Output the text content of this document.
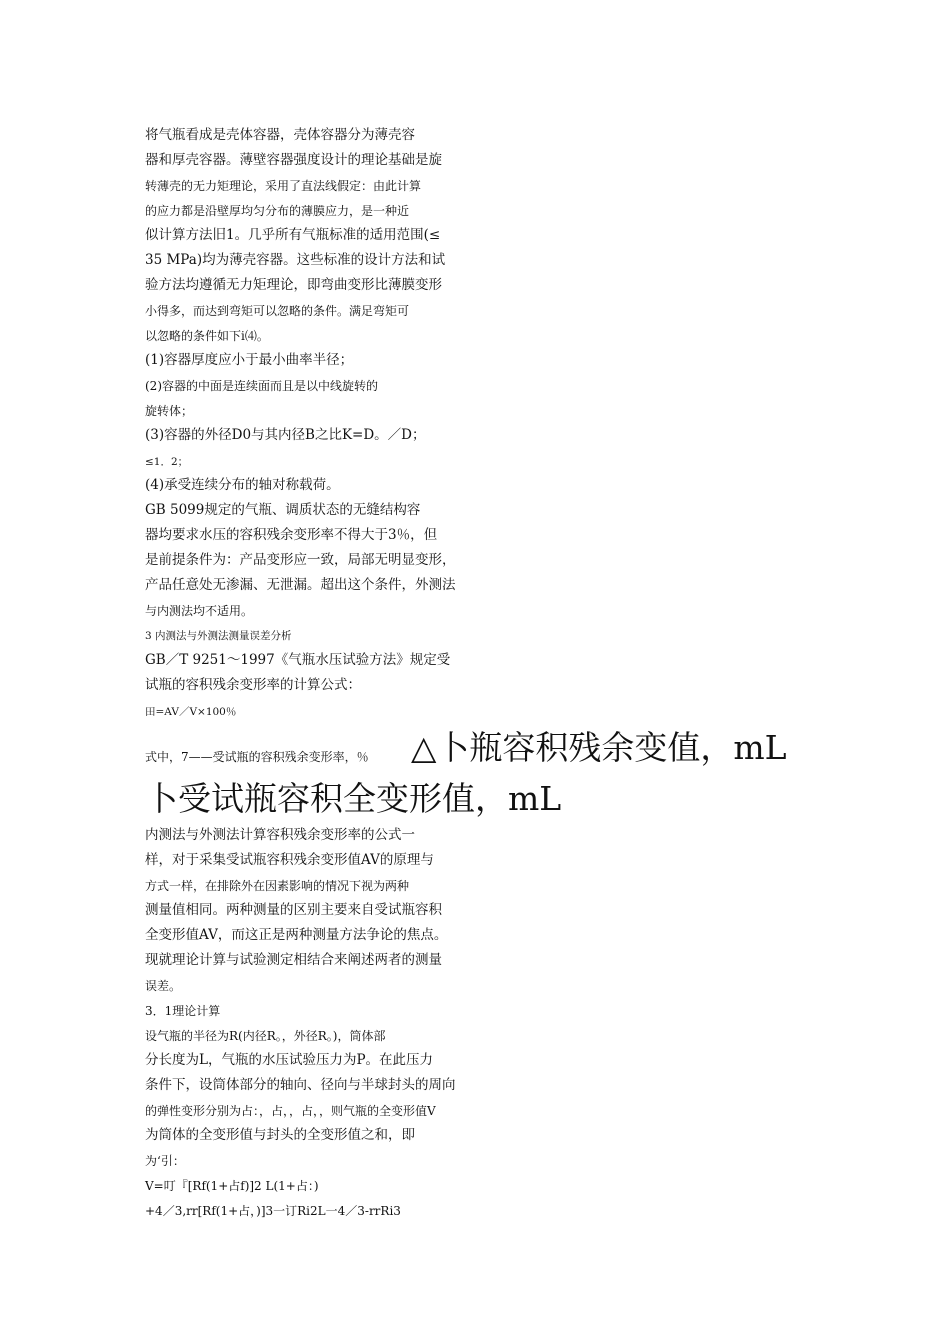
将气瓶看成是壳体容器，壳体容器分为薄壳容
器和厚壳容器。薄壁容器强度设计的理论基础是旋
转薄壳的无力矩理论，采用了直法线假定：由此计算
的应力都是沿壁厚均匀分布的薄膜应力，是一种近
似计算方法旧1。几乎所有气瓶标准的适用范围(≤
35 MPa)均为薄壳容器。这些标准的设计方法和试
验方法均遵循无力矩理论，即弯曲变形比薄膜变形
小得多，而达到弯矩可以忽略的条件。满足弯矩可
以忽略的条件如下i⑷。
(1)容器厚度应小于最小曲率半径；
(2)容器的中面是连续面而且是以中线旋转的
旋转体；
(3)容器的外径D0与其内径B之比K=D。／D；
≤1．2；
(4)承受连续分布的轴对称载荷。
GB 5099规定的气瓶、调质状态的无缝结构容
器均要求水压的容积残余变形率不得大于3％，但
是前提条件为：产品变形应一致，局部无明显变形，
产品任意处无渗漏、无泄漏。超出这个条件，外测法
与内测法均不适用。
3 内测法与外测法测量误差分析
GB／T 9251～1997《气瓶水压试验方法》规定受
试瓶的容积残余变形率的计算公式：
田=AV／V×100％
式中，7——受试瓶的容积残余变形率，％ △卜瓶容积残余变值，mL
卜受试瓶容积全变形值，mL
内测法与外测法计算容积残余变形率的公式一
样，对于采集受试瓶容积残余变形值AV的原理与
方式一样，在排除外在因素影响的情况下视为两种
测量值相同。两种测量的区别主要来自受试瓶容积
全变形值AV，而这正是两种测量方法争论的焦点。
现就理论计算与试验测定相结合来阐述两者的测量
误差。
3．1理论计算
设气瓶的半径为R(内径R。，外径R。)，筒体部
分长度为L，气瓶的水压试验压力为P。在此压力
条件下，设筒体部分的轴向、径向与半球封头的周向
的弹性变形分别为占：，占，，占，，则气瓶的全变形值V
为筒体的全变形值与封头的全变形值之和，即
为‘引：
V=叮『[Rf(1+占f)]2 L(1+占：)
+4／3,rr[Rf(1+占，)]3一订Ri2L一4／3-rrRi3
